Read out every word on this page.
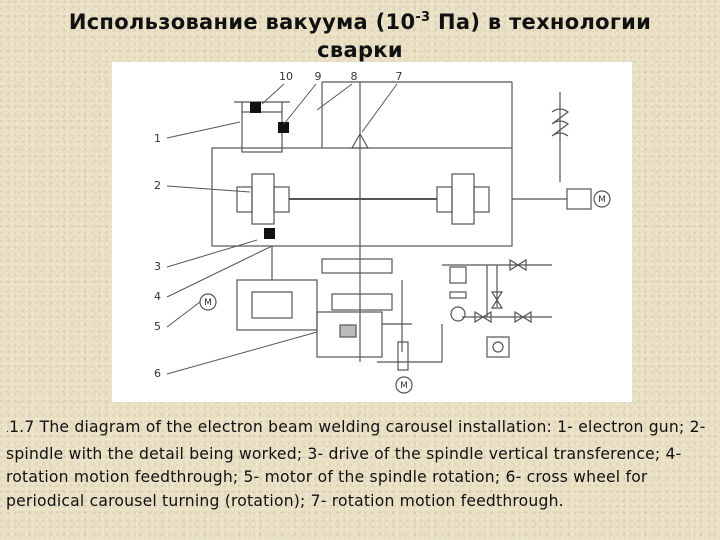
Использование вакуума ($10^{-3}$ Па) в технологии сварки
M
M
M
10 9	8	7
1
2
3
4
5
6
.1.7 The diagram of the electron beam welding carousel installation: 1- electron gun; 2- spindle with the detail being worked; 3- drive of the spindle vertical transference; 4- rotation motion feedthrough; 5- motor of the spindle rotation; 6- cross wheel for periodical carousel turning (rotation); 7- rotation motion feedthrough.
